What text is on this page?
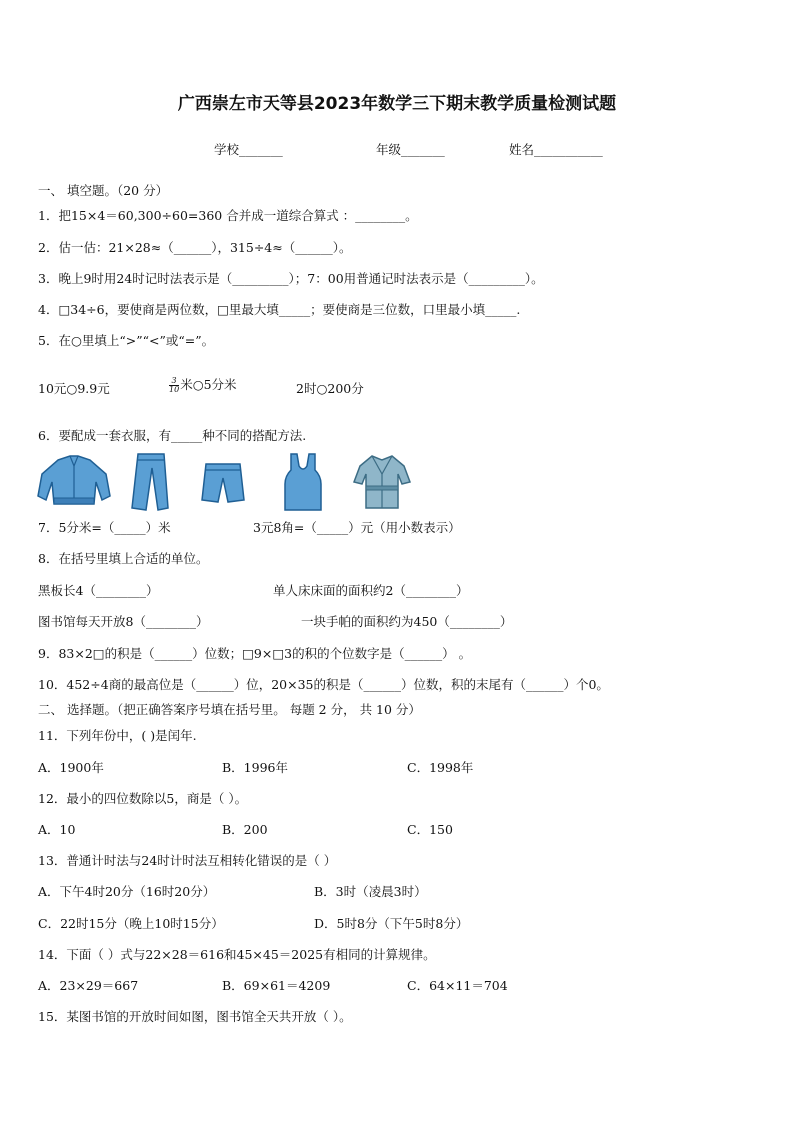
广西崇左市天等县2023年数学三下期末教学质量检测试题
学校_______	年级_______	姓名___________
一、 填空题。（20 分）
1．把15×4＝60,300÷60=360 合并成一道综合算式 ：________。
2．估一估：21×28≈（______），315÷4≈（______）。
3．晚上9时用24时记时法表示是（_________）；7：00用普通记时法表示是（_________）。
4．□34÷6，要使商是两位数，□里最大填_____；要使商是三位数，口里最小填_____.
5．在○里填上“>”“<”或“=”。
10元○9.9元	$\frac{3}{10}$ 米○5分米	2时○200分
6．要配成一套衣服，有_____种不同的搭配方法.
7．5分米=（_____）米	3元8角=（_____）元（用小数表示）
8．在括号里填上合适的单位。
黑板长4（________）	单人床床面的面积约2（________）
图书馆每天开放8（________）	一块手帕的面积约为450（________）
9．83×2□的积是（______）位数；□9×□3的积的个位数字是（______） 。
10．452÷4商的最高位是（______）位，20×35的积是（______）位数，积的末尾有（______）个0。
二、 选择题。（把正确答案序号填在括号里。 每题 2 分， 共 10 分）
11．下列年份中，( )是闰年.
A．1900年	B．1996年	C．1998年
12．最小的四位数除以5，商是（ ）。
A．10	B．200	C．150
13．普通计时法与24时计时法互相转化错误的是（ ）
A．下午4时20分（16时20分）	B．3时（凌晨3时）
C．22时15分（晚上10时15分）	D．5时8分（下午5时8分）
14．下面（ ）式与22×28＝616和45×45＝2025有相同的计算规律。
A．23×29＝667	B．69×61＝4209	C．64×11＝704
15．某图书馆的开放时间如图，图书馆全天共开放（ ）。
